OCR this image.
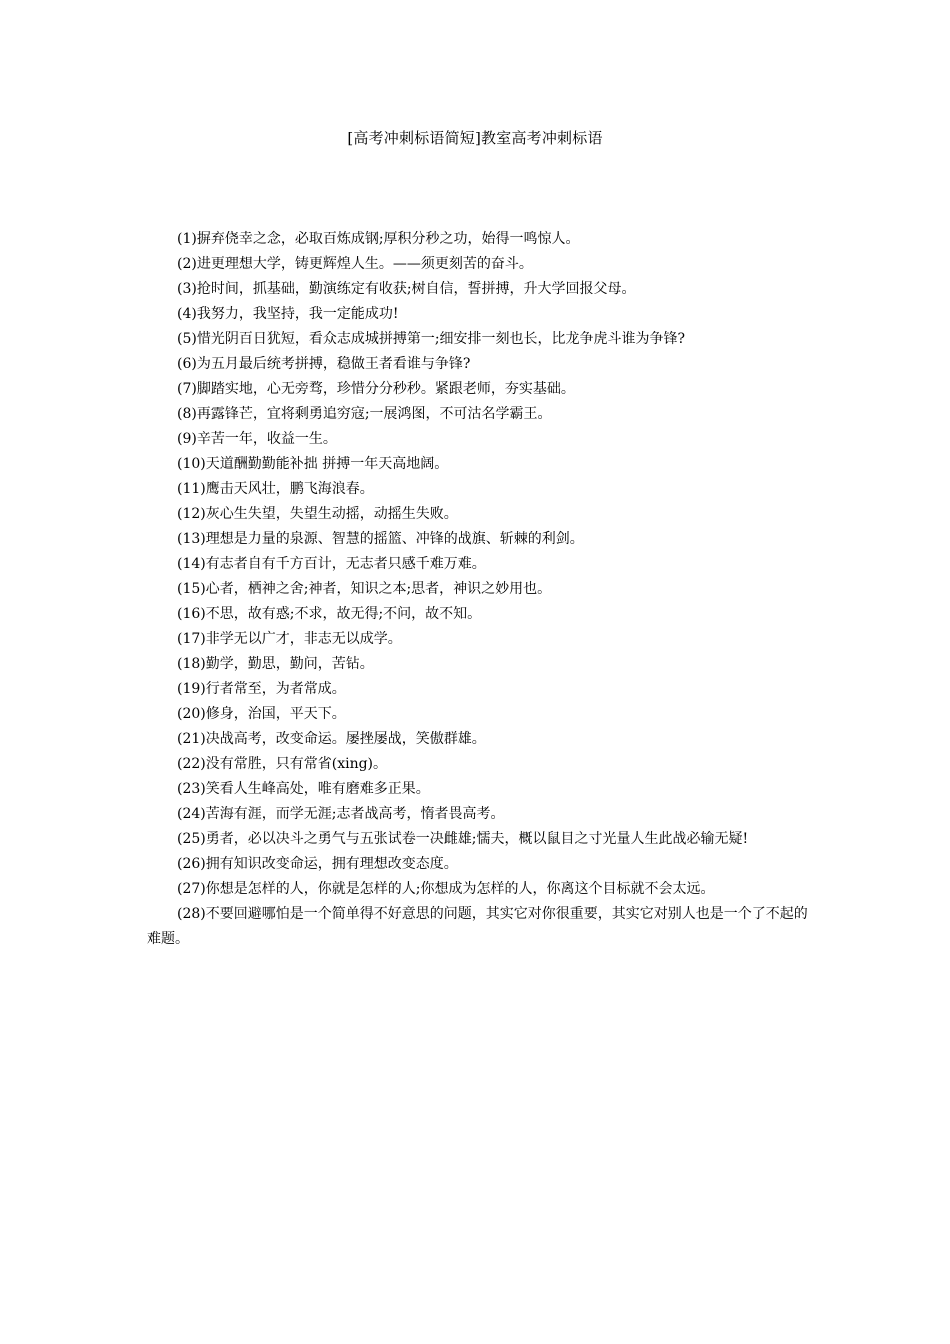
[高考冲刺标语简短]教室高考冲刺标语

(1)摒弃侥幸之念，必取百炼成钢;厚积分秒之功，始得一鸣惊人。

(2)进更理想大学，铸更辉煌人生。——须更刻苦的奋斗。

(3)抢时间，抓基础，勤演练定有收获;树自信，誓拼搏，升大学回报父母。

(4)我努力，我坚持，我一定能成功!

(5)惜光阴百日犹短，看众志成城拼搏第一;细安排一刻也长，比龙争虎斗谁为争锋?

(6)为五月最后统考拼搏，稳做王者看谁与争锋?

(7)脚踏实地，心无旁骛，珍惜分分秒秒。紧跟老师，夯实基础。

(8)再露锋芒，宜将剩勇追穷寇;一展鸿图，不可沽名学霸王。

(9)辛苦一年，收益一生。

(10)天道酬勤勤能补拙 拼搏一年天高地阔。

(11)鹰击天风壮，鹏飞海浪春。

(12)灰心生失望，失望生动摇，动摇生失败。

(13)理想是力量的泉源、智慧的摇篮、冲锋的战旗、斩棘的利剑。

(14)有志者自有千方百计，无志者只感千难万难。

(15)心者，栖神之舍;神者，知识之本;思者，神识之妙用也。

(16)不思，故有惑;不求，故无得;不问，故不知。

(17)非学无以广才，非志无以成学。

(18)勤学，勤思，勤问，苦钻。

(19)行者常至，为者常成。

(20)修身，治国，平天下。

(21)决战高考，改变命运。屡挫屡战，笑傲群雄。

(22)没有常胜，只有常省(xing)。

(23)笑看人生峰高处，唯有磨难多正果。

(24)苦海有涯，而学无涯;志者战高考，惰者畏高考。

(25)勇者，必以决斗之勇气与五张试卷一决雌雄;懦夫，概以鼠目之寸光量人生此战必输无疑!

(26)拥有知识改变命运，拥有理想改变态度。

(27)你想是怎样的人，你就是怎样的人;你想成为怎样的人，你离这个目标就不会太远。

(28)不要回避哪怕是一个简单得不好意思的问题，其实它对你很重要，其实它对别人也是一个了不起的难题。
